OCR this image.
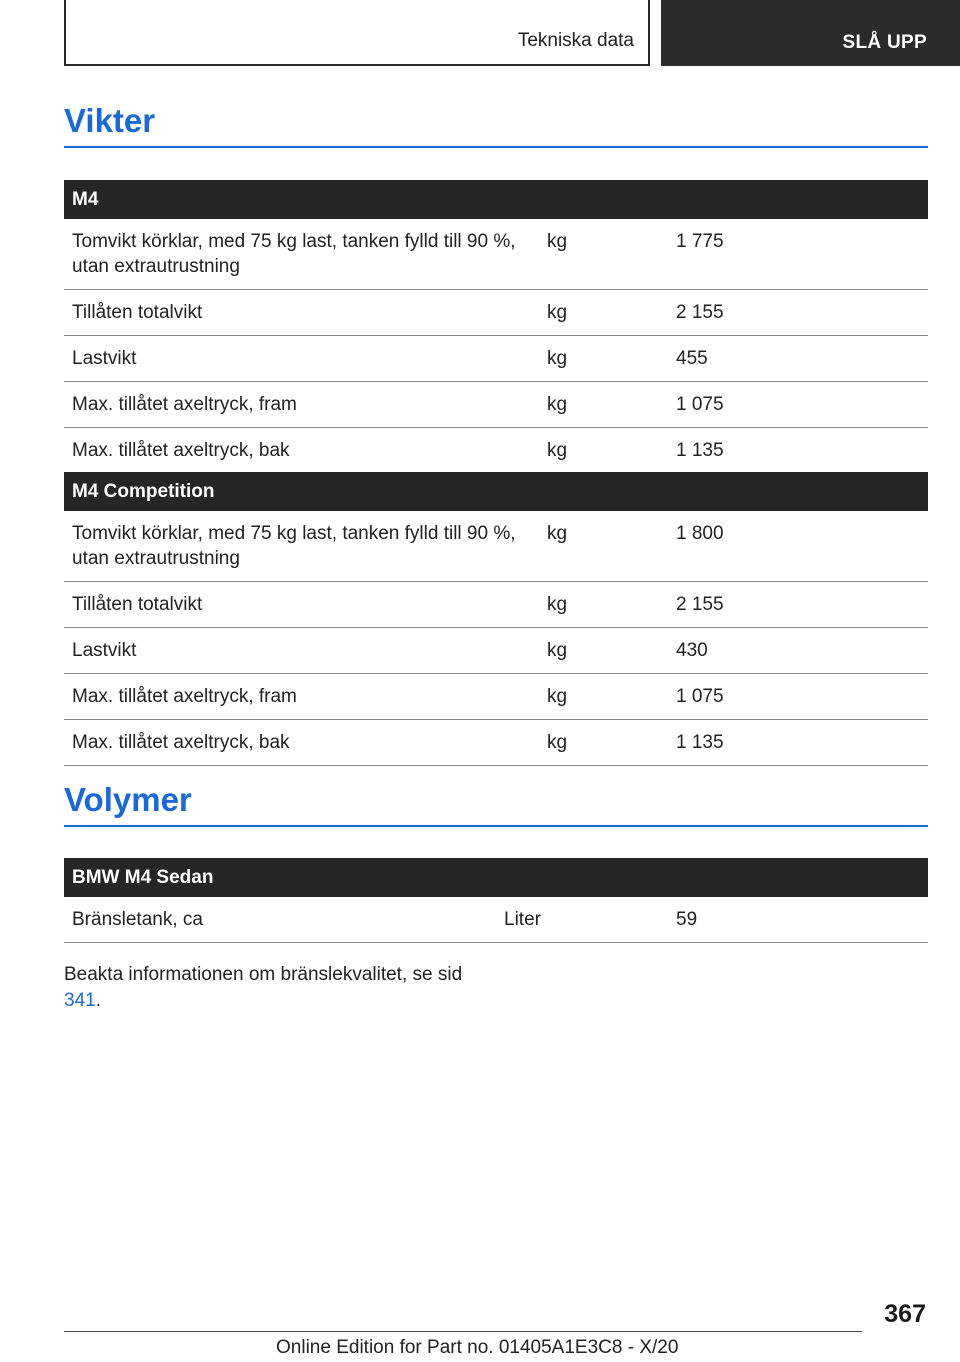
Tekniska data	SLÅ UPP
Vikter
M4		
Tomvikt körklar, med 75 kg last, tanken fylld till 90 %, utan extrautrustning	kg	1 775
Tillåten totalvikt	kg	2 155
Lastvikt	kg	455
Max. tillåtet axeltryck, fram	kg	1 075
Max. tillåtet axeltryck, bak	kg	1 135
M4 Competition		
Tomvikt körklar, med 75 kg last, tanken fylld till 90 %, utan extrautrustning	kg	1 800
Tillåten totalvikt	kg	2 155
Lastvikt	kg	430
Max. tillåtet axeltryck, fram	kg	1 075
Max. tillåtet axeltryck, bak	kg	1 135
Volymer
BMW M4 Sedan
Bränsletank, ca	Liter	59
Beakta informationen om bränslekvalitet, se sid 341.
367
Online Edition for Part no. 01405A1E3C8 - X/20
